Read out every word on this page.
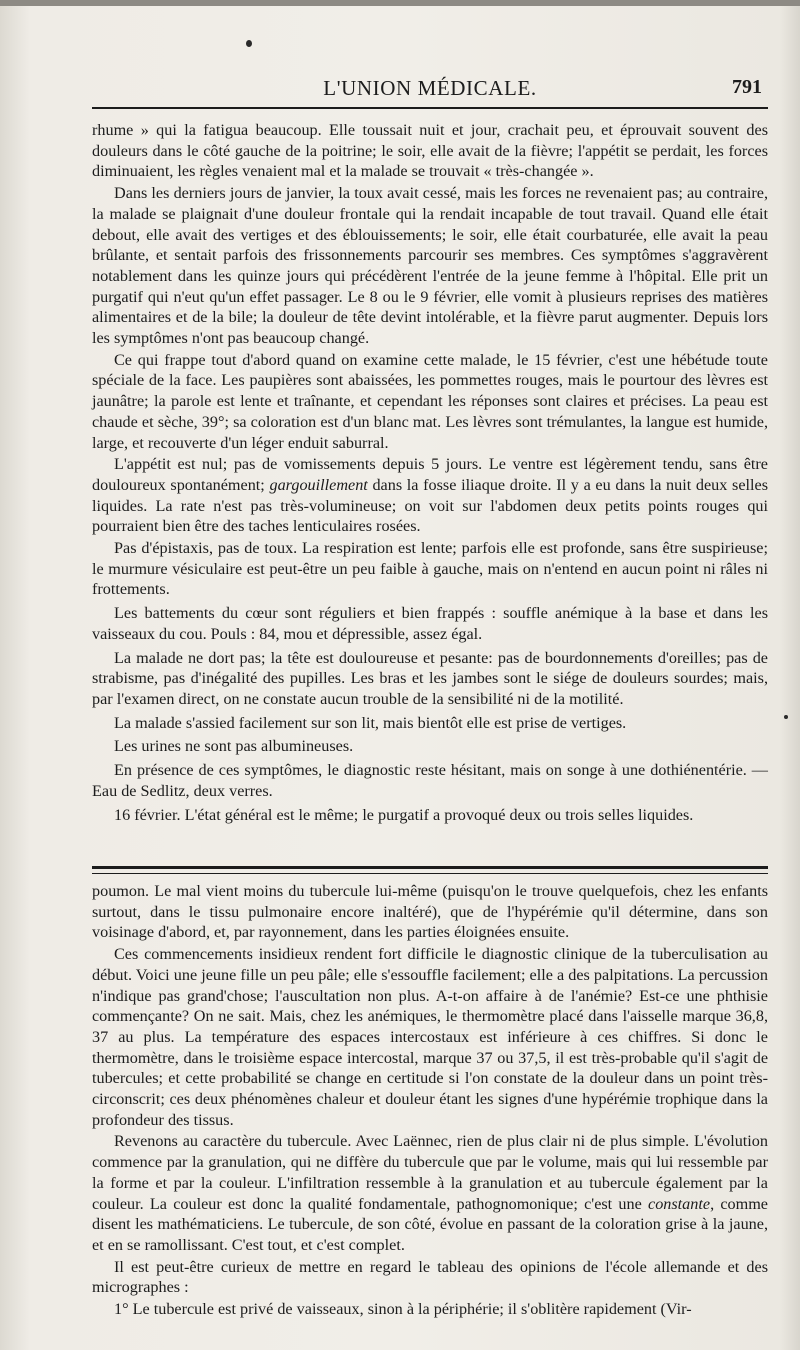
L'UNION MÉDICALE.	791

rhume » qui la fatigua beaucoup. Elle toussait nuit et jour, crachait peu, et éprouvait souvent des douleurs dans le côté gauche de la poitrine; le soir, elle avait de la fièvre; l'appétit se perdait, les forces diminuaient, les règles venaient mal et la malade se trouvait « très-changée ».

Dans les derniers jours de janvier, la toux avait cessé, mais les forces ne revenaient pas; au contraire, la malade se plaignait d'une douleur frontale qui la rendait incapable de tout travail. Quand elle était debout, elle avait des vertiges et des éblouissements; le soir, elle était courbaturée, elle avait la peau brûlante, et sentait parfois des frissonnements parcourir ses membres. Ces symptômes s'aggravèrent notablement dans les quinze jours qui précédèrent l'entrée de la jeune femme à l'hôpital. Elle prit un purgatif qui n'eut qu'un effet passager. Le 8 ou le 9 février, elle vomit à plusieurs reprises des matières alimentaires et de la bile; la douleur de tête devint intolérable, et la fièvre parut augmenter. Depuis lors les symptômes n'ont pas beaucoup changé.

Ce qui frappe tout d'abord quand on examine cette malade, le 15 février, c'est une hébétude toute spéciale de la face. Les paupières sont abaissées, les pommettes rouges, mais le pourtour des lèvres est jaunâtre; la parole est lente et traînante, et cependant les réponses sont claires et précises. La peau est chaude et sèche, 39°; sa coloration est d'un blanc mat. Les lèvres sont trémulantes, la langue est humide, large, et recouverte d'un léger enduit saburral.

L'appétit est nul; pas de vomissements depuis 5 jours. Le ventre est légèrement tendu, sans être douloureux spontanément; gargouillement dans la fosse iliaque droite. Il y a eu dans la nuit deux selles liquides. La rate n'est pas très-volumineuse; on voit sur l'abdomen deux petits points rouges qui pourraient bien être des taches lenticulaires rosées.

Pas d'épistaxis, pas de toux. La respiration est lente; parfois elle est profonde, sans être suspirieuse; le murmure vésiculaire est peut-être un peu faible à gauche, mais on n'entend en aucun point ni râles ni frottements.

Les battements du cœur sont réguliers et bien frappés : souffle anémique à la base et dans les vaisseaux du cou. Pouls : 84, mou et dépressible, assez égal.

La malade ne dort pas; la tête est douloureuse et pesante: pas de bourdonnements d'oreilles; pas de strabisme, pas d'inégalité des pupilles. Les bras et les jambes sont le siége de douleurs sourdes; mais, par l'examen direct, on ne constate aucun trouble de la sensibilité ni de la motilité.

La malade s'assied facilement sur son lit, mais bientôt elle est prise de vertiges.

Les urines ne sont pas albumineuses.

En présence de ces symptômes, le diagnostic reste hésitant, mais on songe à une dothiénentérie. — Eau de Sedlitz, deux verres.

16 février. L'état général est le même; le purgatif a provoqué deux ou trois selles liquides.

poumon. Le mal vient moins du tubercule lui-même (puisqu'on le trouve quelquefois, chez les enfants surtout, dans le tissu pulmonaire encore inaltéré), que de l'hypérémie qu'il détermine, dans son voisinage d'abord, et, par rayonnement, dans les parties éloignées ensuite.

Ces commencements insidieux rendent fort difficile le diagnostic clinique de la tuberculisation au début. Voici une jeune fille un peu pâle; elle s'essouffle facilement; elle a des palpitations. La percussion n'indique pas grand'chose; l'auscultation non plus. A-t-on affaire à de l'anémie? Est-ce une phthisie commençante? On ne sait. Mais, chez les anémiques, le thermomètre placé dans l'aisselle marque 36,8, 37 au plus. La température des espaces intercostaux est inférieure à ces chiffres. Si donc le thermomètre, dans le troisième espace intercostal, marque 37 ou 37,5, il est très-probable qu'il s'agit de tubercules; et cette probabilité se change en certitude si l'on constate de la douleur dans un point très-circonscrit; ces deux phénomènes chaleur et douleur étant les signes d'une hypérémie trophique dans la profondeur des tissus.

Revenons au caractère du tubercule. Avec Laënnec, rien de plus clair ni de plus simple. L'évolution commence par la granulation, qui ne diffère du tubercule que par le volume, mais qui lui ressemble par la forme et par la couleur. L'infiltration ressemble à la granulation et au tubercule également par la couleur. La couleur est donc la qualité fondamentale, pathognomonique; c'est une constante, comme disent les mathématiciens. Le tubercule, de son côté, évolue en passant de la coloration grise à la jaune, et en se ramollissant. C'est tout, et c'est complet.

Il est peut-être curieux de mettre en regard le tableau des opinions de l'école allemande et des micrographes :

1° Le tubercule est privé de vaisseaux, sinon à la périphérie; il s'oblitère rapidement (Vir-
